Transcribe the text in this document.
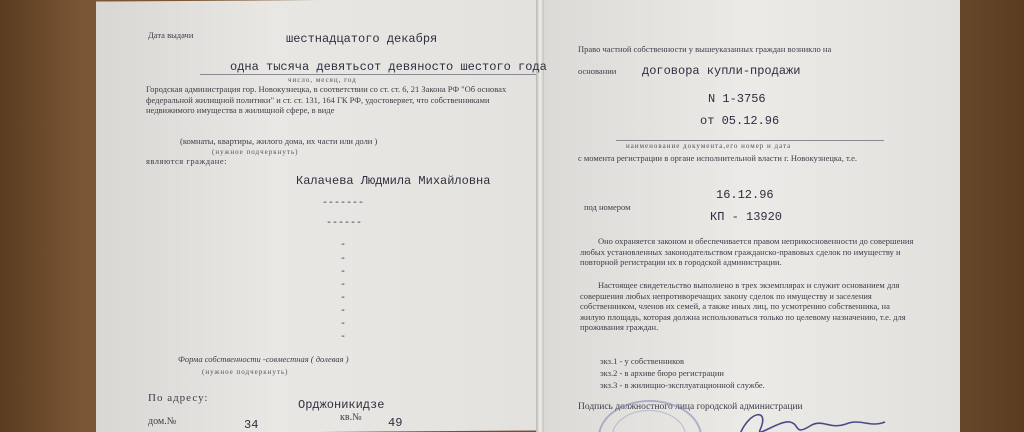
Дата выдачи	шестнадцатого декабря
одна тысяча девятьсот девяносто шестого года
число, месяц, год
Городская администрация гор. Новокузнецка, в соответствии со ст. ст. 6, 21 Закона РФ "Об основах федеральной жилищной политики" и ст. ст. 131, 164 ГК РФ, удостоверяет, что собственниками недвижимого имущества в жилищной сфере, в виде
(комнаты, квартиры, жилого дома, их части или доли )
(нужное подчеркнуть)
являются граждане:
Калачева Людмила Михайловна
-------
------
-
-
-
-
-
-
-
-
Форма собственности -совместная ( долевая )
(нужное подчеркнуть)
По адресу:	Орджоникидзе
дом.№	34
кв.№ 49
Право частной собственности у вышеуказанных граждан возникло на
основании договора купли-продажи
N 1-3756
от 05.12.96
наименование документа,его номер и дата
с момента регистрации в органе исполнительной власти г. Новокузнецка, т.е.
16.12.96
под номером
КП - 13920
Оно охраняется законом и обеспечивается правом неприкосновенности до совершения любых установленных законодательством гражданско-правовых сделок по имуществу и повторной регистрации их в городской администрации.
Настоящее свидетельство выполнено в трех экземплярах и служит основанием для совершения любых непротиворечащих закону сделок по имуществу и заселения собственником, членов их семей, а также иных лиц, по усмотрению собственника, на жилую площадь, которая должна использоваться только по целевому назначению, т.е. для проживания граждан.
экз.1 - у собственников
экз.2 - в архиве бюро регистрации
экз.3 - в жилищно-эксплуатационной службе.
Подпись должностного лица городской администрации
